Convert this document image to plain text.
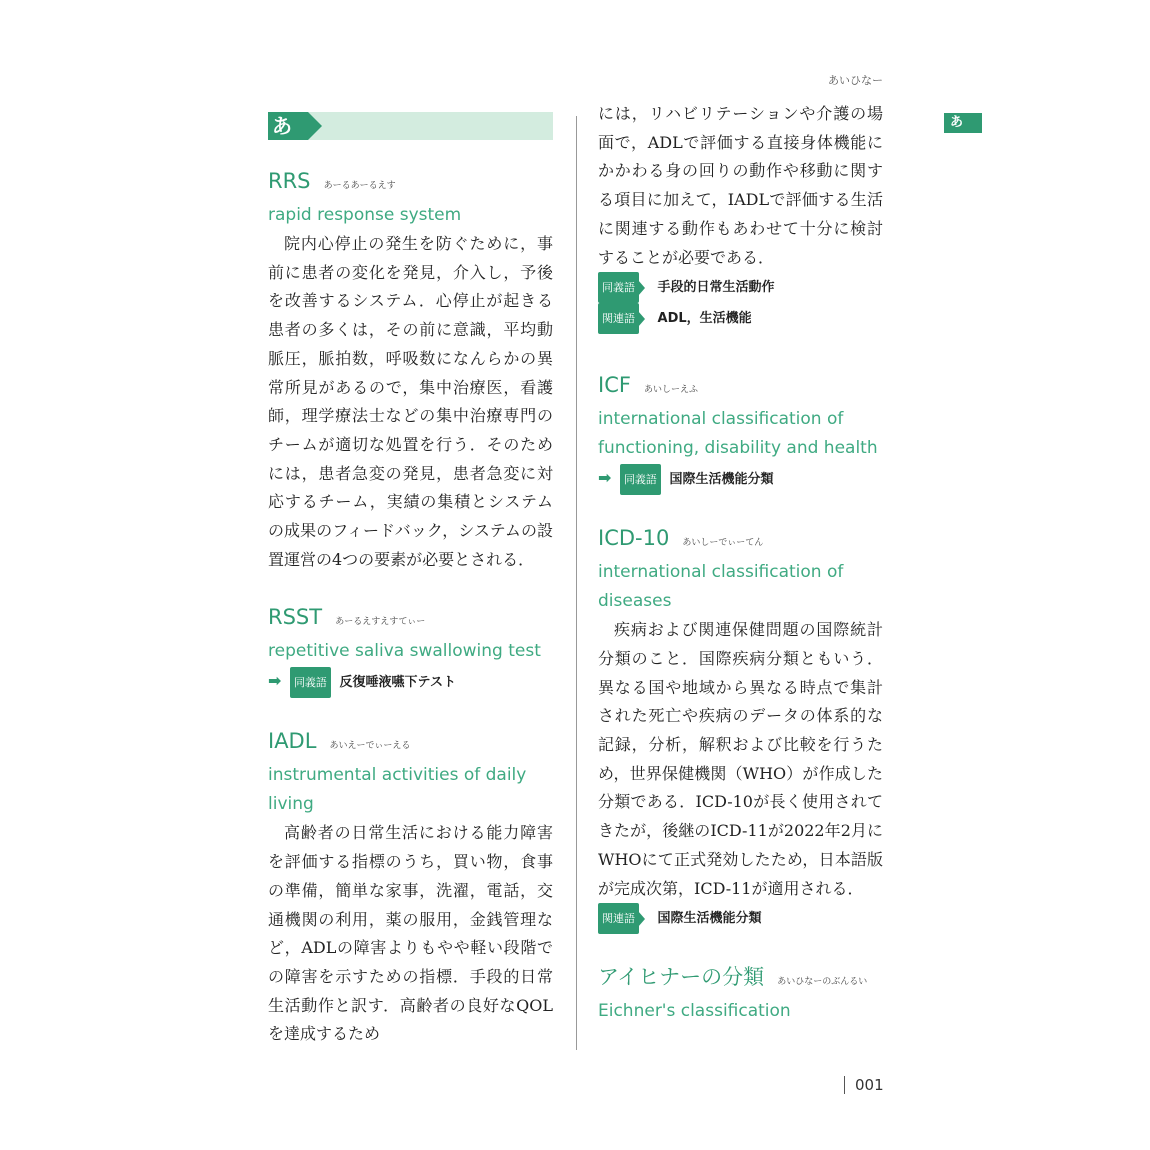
あいひなー
あ
あ
RRS あーるあーるえす
rapid response system

院内心停止の発生を防ぐために，事前に患者の変化を発見，介入し，予後を改善するシステム．心停止が起きる患者の多くは，その前に意識，平均動脈圧，脈拍数，呼吸数になんらかの異常所見があるので，集中治療医，看護師，理学療法士などの集中治療専門のチームが適切な処置を行う．そのためには，患者急変の発見，患者急変に対応するチーム，実績の集積とシステムの成果のフィードバック，システムの設置運営の4つの要素が必要とされる．

RSST あーるえすえすてぃー
repetitive saliva swallowing test
➡ 同義語 反復唾液嚥下テスト
IADL あいえーでぃーえる
instrumental activities of daily living

高齢者の日常生活における能力障害を評価する指標のうち，買い物，食事の準備，簡単な家事，洗濯，電話，交通機関の利用，薬の服用，金銭管理など，ADLの障害よりもやや軽い段階での障害を示すための指標．手段的日常生活動作と訳す．高齢者の良好なQOLを達成するため

には，リハビリテーションや介護の場面で，ADLで評価する直接身体機能にかかわる身の回りの動作や移動に関する項目に加えて，IADLで評価する生活に関連する動作もあわせて十分に検討することが必要である．

同義語 手段的日常生活動作
関連語 ADL，生活機能
ICF あいしーえふ
international classification of functioning, disability and health
➡ 同義語 国際生活機能分類
ICD-10 あいしーでぃーてん
international classification of diseases

疾病および関連保健問題の国際統計分類のこと．国際疾病分類ともいう．異なる国や地域から異なる時点で集計された死亡や疾病のデータの体系的な記録，分析，解釈および比較を行うため，世界保健機関（WHO）が作成した分類である．ICD-10が長く使用されてきたが，後継のICD-11が2022年2月にWHOにて正式発効したため，日本語版が完成次第，ICD-11が適用される．

関連語 国際生活機能分類
アイヒナーの分類 あいひなーのぶんるい
Eichner's classification
001
